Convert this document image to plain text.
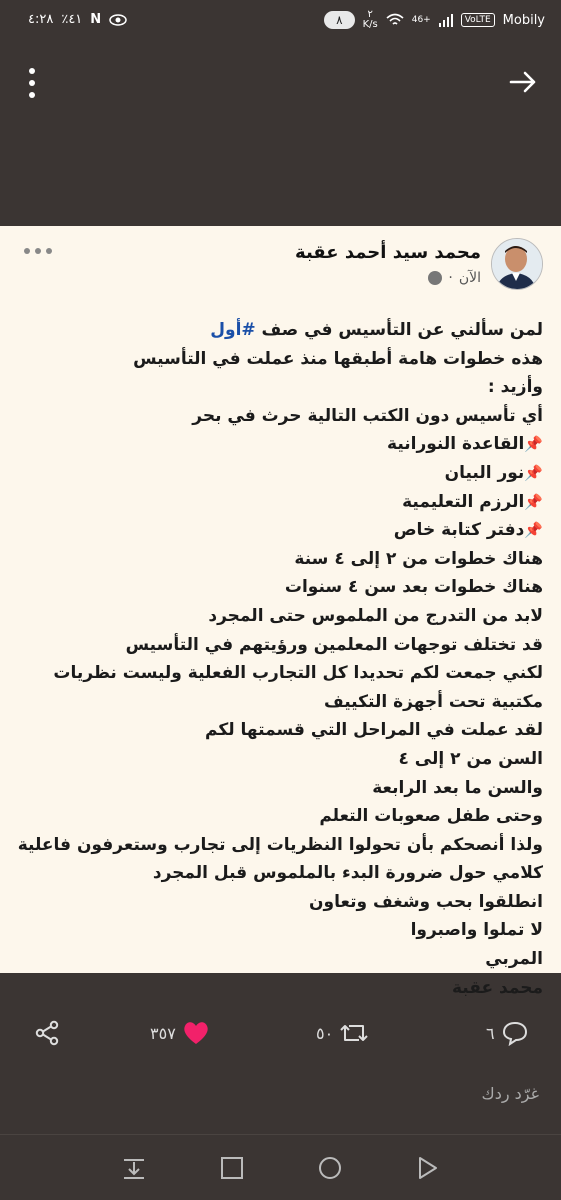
٤:٢٨ ٪٤١ N	٨	٢
K/s	46+	VoLTE Mobily
محمد سيد أحمد عقبة
الآن
·
لمن سألني عن التأسيس في صف #أول
هذه خطوات هامة أطبقها منذ عملت في التأسيس
وأزيد :
أي تأسيس دون الكتب التالية حرث في بحر
📌القاعدة النورانية
📌نور البيان
📌الرزم التعليمية
📌دفتر كتابة خاص
هناك خطوات من ٢ إلى ٤ سنة
هناك خطوات بعد سن ٤ سنوات
لابد من التدرج من الملموس حتى المجرد
قد تختلف توجهات المعلمين ورؤيتهم في التأسيس
لكني جمعت لكم تحديدا كل التجارب الفعلية وليست نظريات
مكتبية تحت أجهزة التكييف
لقد عملت في المراحل التي قسمتها لكم
السن من ٢ إلى ٤
والسن ما بعد الرابعة
وحتى طفل صعوبات التعلم
ولذا أنصحكم بأن تحولوا النظريات إلى تجارب وستعرفون فاعلية
كلامي حول ضرورة البدء بالملموس قبل المجرد
انطلقوا بحب وشغف وتعاون
لا تملوا واصبروا
المربي
محمد عقبة
٣٥٧	٥٠	٦
غرّد ردك
